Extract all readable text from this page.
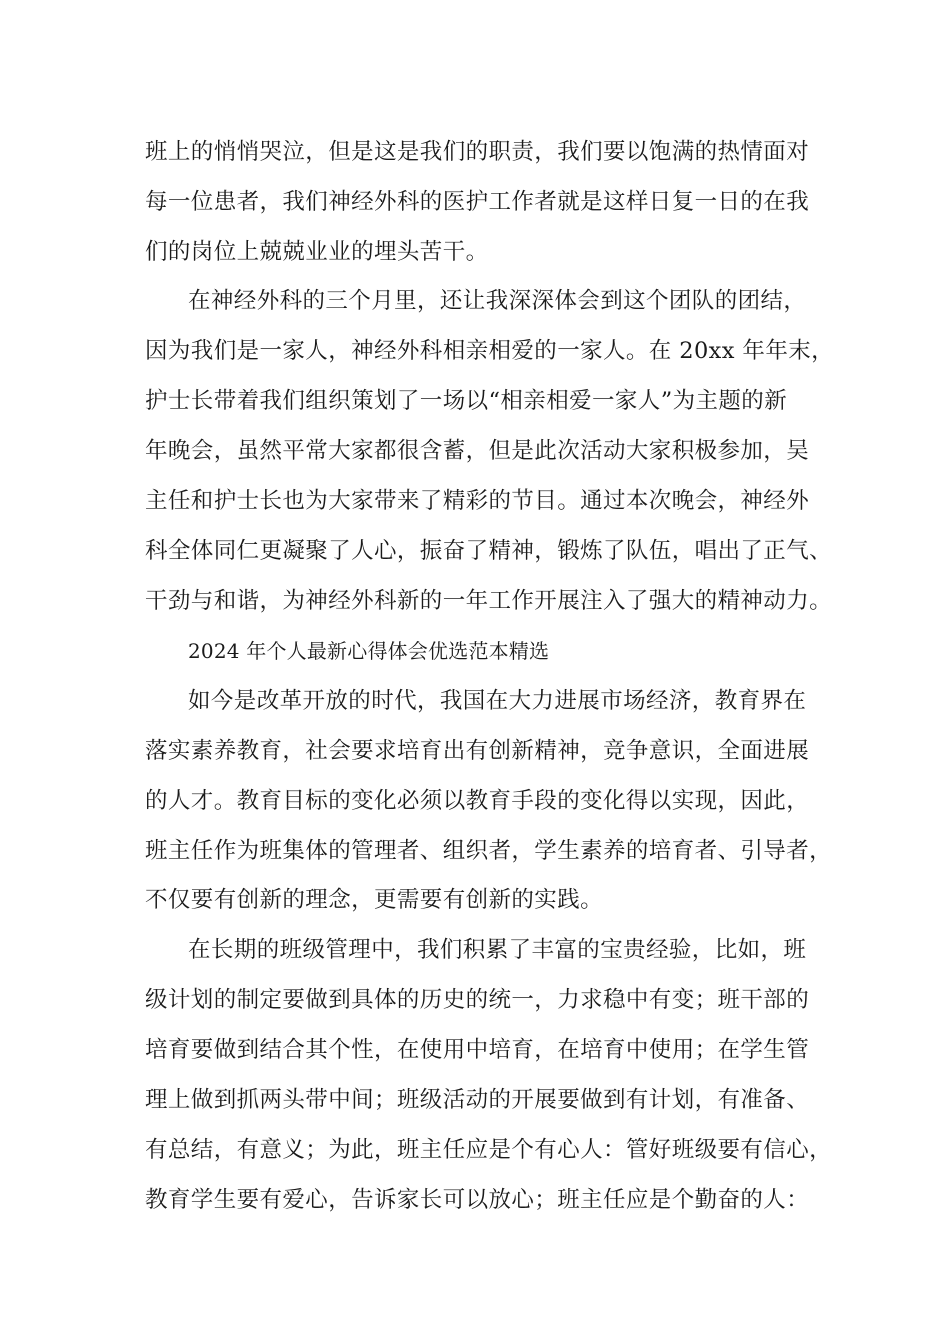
班上的悄悄哭泣，但是这是我们的职责，我们要以饱满的热情面对
每一位患者，我们神经外科的医护工作者就是这样日复一日的在我
们的岗位上兢兢业业的埋头苦干。
在神经外科的三个月里，还让我深深体会到这个团队的团结，
因为我们是一家人，神经外科相亲相爱的一家人。在 20xx 年年末，
护士长带着我们组织策划了一场以“相亲相爱一家人”为主题的新
年晚会，虽然平常大家都很含蓄，但是此次活动大家积极参加，吴
主任和护士长也为大家带来了精彩的节目。通过本次晚会，神经外
科全体同仁更凝聚了人心，振奋了精神，锻炼了队伍，唱出了正气、
干劲与和谐，为神经外科新的一年工作开展注入了强大的精神动力。
2024 年个人最新心得体会优选范本精选
如今是改革开放的时代，我国在大力进展市场经济，教育界在
落实素养教育，社会要求培育出有创新精神，竞争意识，全面进展
的人才。教育目标的变化必须以教育手段的变化得以实现，因此，
班主任作为班集体的管理者、组织者，学生素养的培育者、引导者，
不仅要有创新的理念，更需要有创新的实践。
在长期的班级管理中，我们积累了丰富的宝贵经验，比如，班
级计划的制定要做到具体的历史的统一，力求稳中有变；班干部的
培育要做到结合其个性，在使用中培育，在培育中使用；在学生管
理上做到抓两头带中间；班级活动的开展要做到有计划，有准备、
有总结，有意义；为此，班主任应是个有心人：管好班级要有信心，
教育学生要有爱心，告诉家长可以放心；班主任应是个勤奋的人：
